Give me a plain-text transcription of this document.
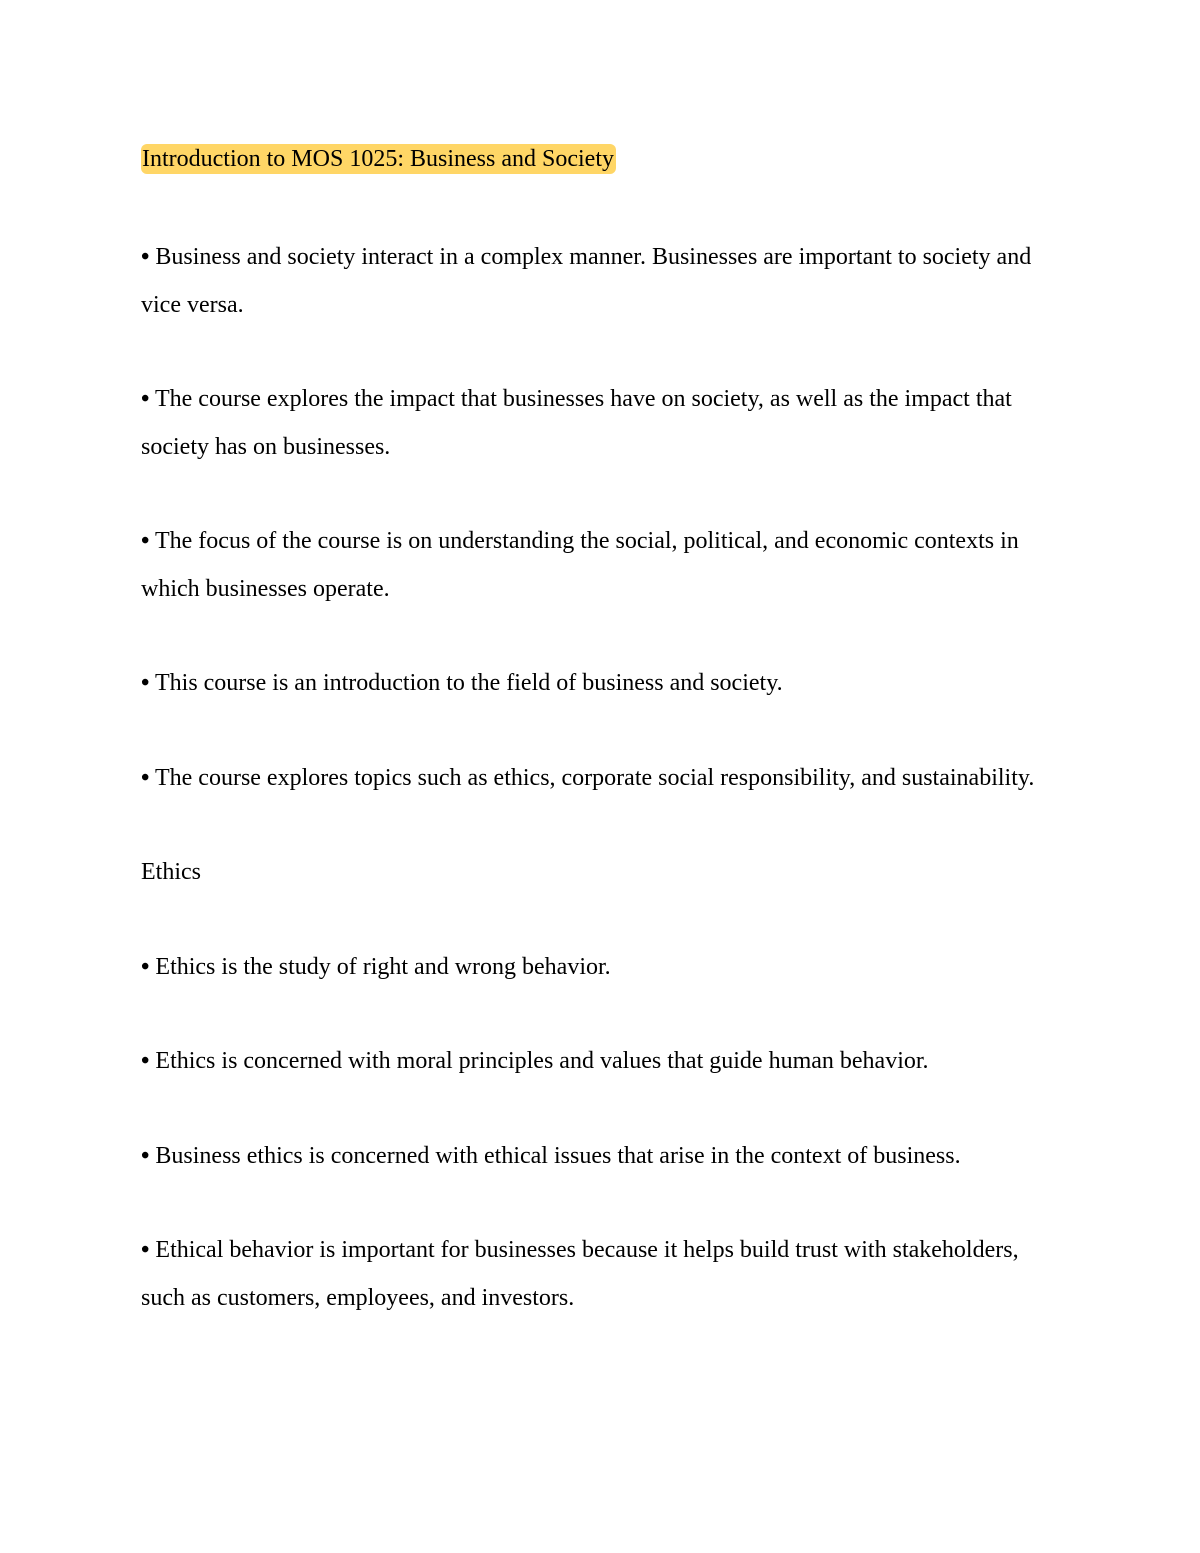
Introduction to MOS 1025: Business and Society

• Business and society interact in a complex manner. Businesses are important to society and vice versa.

• The course explores the impact that businesses have on society, as well as the impact that society has on businesses.

• The focus of the course is on understanding the social, political, and economic contexts in which businesses operate.

• This course is an introduction to the field of business and society.

• The course explores topics such as ethics, corporate social responsibility, and sustainability.

Ethics

• Ethics is the study of right and wrong behavior.

• Ethics is concerned with moral principles and values that guide human behavior.

• Business ethics is concerned with ethical issues that arise in the context of business.

• Ethical behavior is important for businesses because it helps build trust with stakeholders, such as customers, employees, and investors.
